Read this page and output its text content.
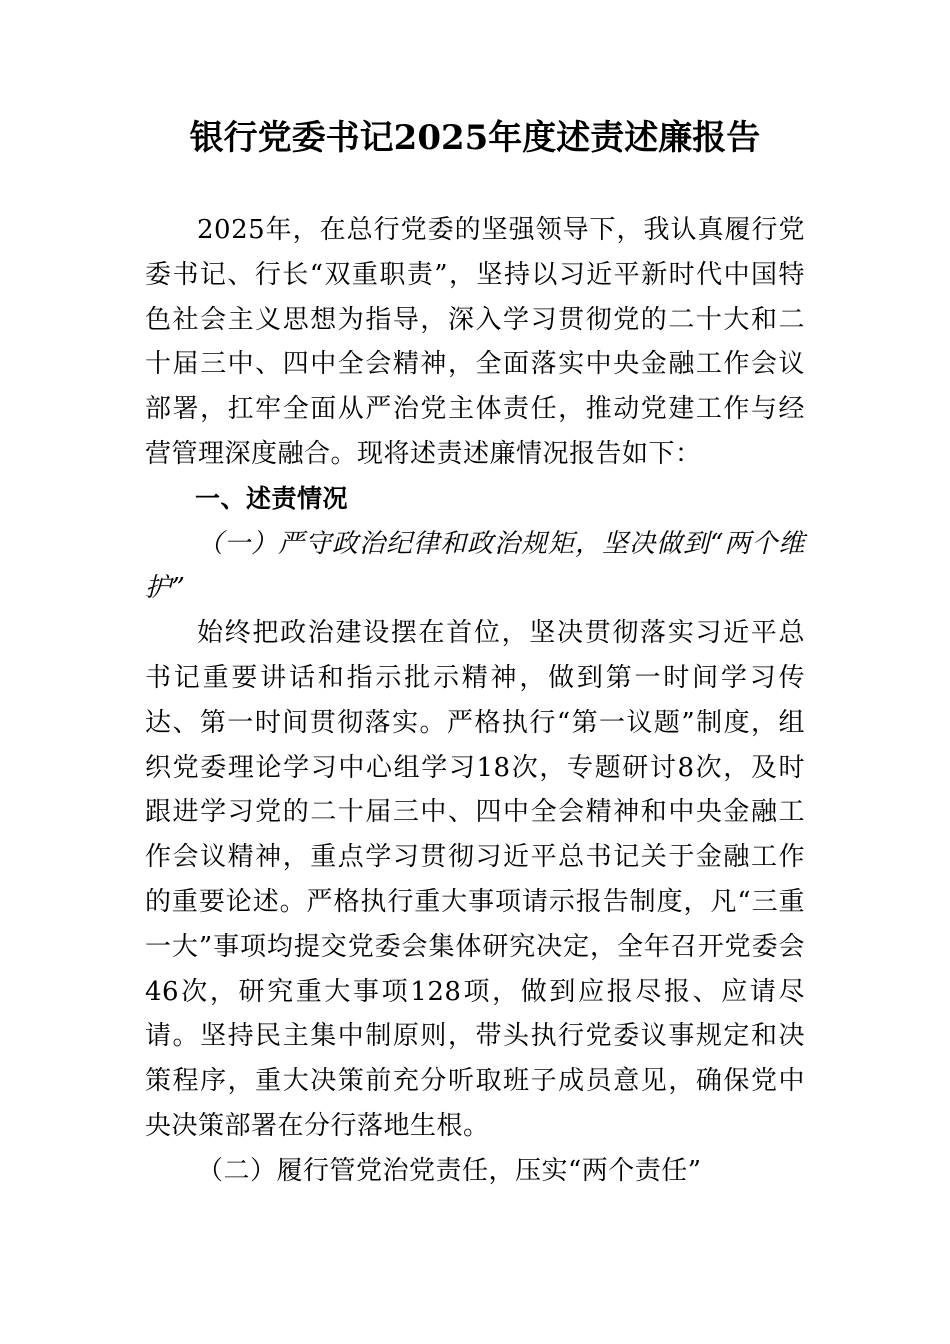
银行党委书记2025年度述责述廉报告

2025年，在总行党委的坚强领导下，我认真履行党委书记、行长“双重职责”，坚持以习近平新时代中国特色社会主义思想为指导，深入学习贯彻党的二十大和二十届三中、四中全会精神，全面落实中央金融工作会议部署，扛牢全面从严治党主体责任，推动党建工作与经营管理深度融合。现将述责述廉情况报告如下：

一、述责情况

（一）严守政治纪律和政治规矩，坚决做到“两个维护”

始终把政治建设摆在首位，坚决贯彻落实习近平总书记重要讲话和指示批示精神，做到第一时间学习传达、第一时间贯彻落实。严格执行“第一议题”制度，组织党委理论学习中心组学习18次，专题研讨8次，及时跟进学习党的二十届三中、四中全会精神和中央金融工作会议精神，重点学习贯彻习近平总书记关于金融工作的重要论述。严格执行重大事项请示报告制度，凡“三重一大”事项均提交党委会集体研究决定，全年召开党委会46次，研究重大事项128项，做到应报尽报、应请尽请。坚持民主集中制原则，带头执行党委议事规定和决策程序，重大决策前充分听取班子成员意见，确保党中央决策部署在分行落地生根。

（二）履行管党治党责任，压实“两个责任”
